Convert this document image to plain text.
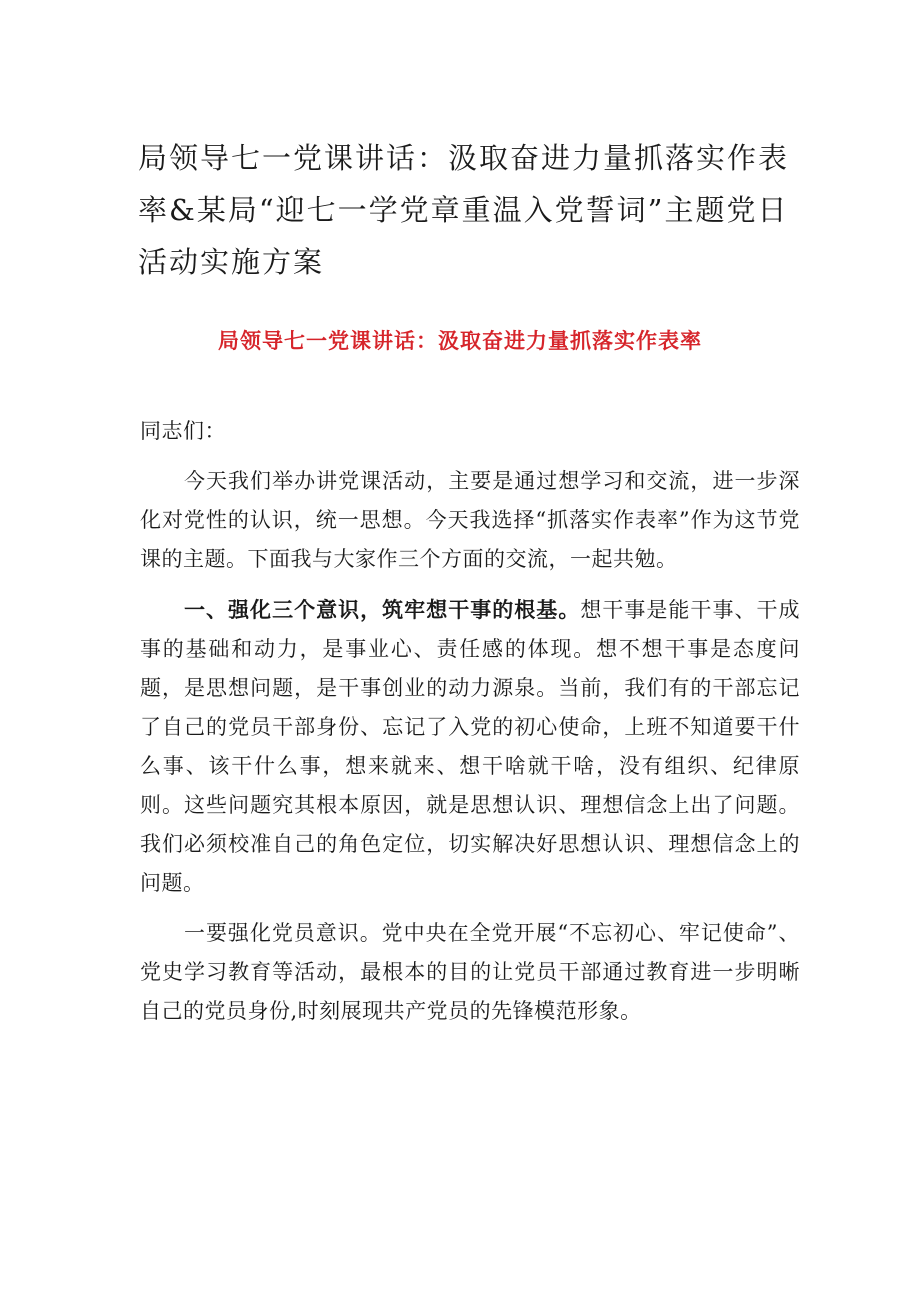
局领导七一党课讲话：汲取奋进力量抓落实作表率&某局“迎七一学党章重温入党誓词”主题党日活动实施方案
局领导七一党课讲话：汲取奋进力量抓落实作表率

同志们：

今天我们举办讲党课活动，主要是通过想学习和交流，进一步深化对党性的认识，统一思想。今天我选择“抓落实作表率”作为这节党课的主题。下面我与大家作三个方面的交流，一起共勉。

一、强化三个意识，筑牢想干事的根基。想干事是能干事、干成事的基础和动力，是事业心、责任感的体现。想不想干事是态度问题，是思想问题，是干事创业的动力源泉。当前，我们有的干部忘记了自己的党员干部身份、忘记了入党的初心使命，上班不知道要干什么事、该干什么事，想来就来、想干啥就干啥，没有组织、纪律原则。这些问题究其根本原因，就是思想认识、理想信念上出了问题。我们必须校准自己的角色定位，切实解决好思想认识、理想信念上的问题。

一要强化党员意识。党中央在全党开展“不忘初心、牢记使命”、党史学习教育等活动，最根本的目的让党员干部通过教育进一步明晰自己的党员身份,时刻展现共产党员的先锋模范形象。
